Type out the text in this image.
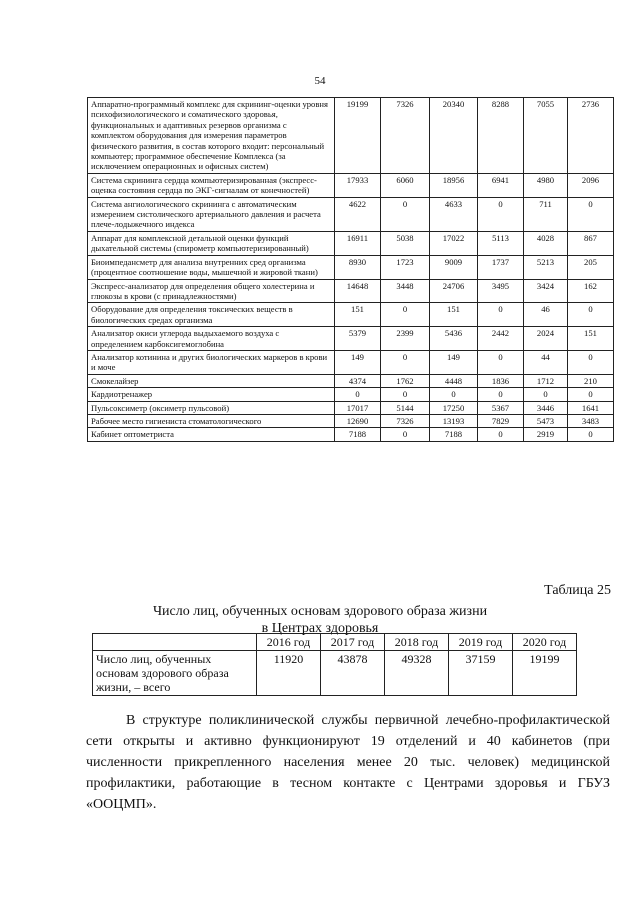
54
Аппаратно-программный комплекс для скрининг-оценки уровня психофизиологического и соматического здоровья, функциональных и адаптивных резервов организма с комплектом оборудования для измерения параметров физического развития, в состав которого входит: персональный компьютер; программное обеспечение Комплекса (за исключением операционных и офисных систем)	19199	7326	20340	8288	7055	2736
Система скрининга сердца компьютеризированная (экспресс-оценка состояния сердца по ЭКГ-сигналам от конечностей)	17933	6060	18956	6941	4980	2096
Система ангиологического скрининга с автоматическим измерением систолического артериального давления и расчета плече-лодыжечного индекса	4622	0	4633	0	711	0
Аппарат для комплексной детальной оценки функций дыхательной системы (спирометр компьютеризированный)	16911	5038	17022	5113	4028	867
Биоимпедансметр для анализа внутренних сред организма (процентное соотношение воды, мышечной и жировой ткани)	8930	1723	9009	1737	5213	205
Экспресс-анализатор для определения общего холестерина и глюкозы в крови (с принадлежностями)	14648	3448	24706	3495	3424	162
Оборудование для определения токсических веществ в биологических средах организма	151	0	151	0	46	0
Анализатор окиси углерода выдыхаемого воздуха с определением карбоксигемоглобина	5379	2399	5436	2442	2024	151
Анализатор котинина и других биологических маркеров в крови и моче	149	0	149	0	44	0
Смокелайзер	4374	1762	4448	1836	1712	210
Кардиотренажер	0	0	0	0	0	0
Пульсоксиметр (оксиметр пульсовой)	17017	5144	17250	5367	3446	1641
Рабочее место гигиениста стоматологического	12690	7326	13193	7829	5473	3483
Кабинет оптометриста	7188	0	7188	0	2919	0
Таблица 25
Число лиц, обученных основам здорового образа жизни
в Центрах здоровья
	2016 год	2017 год	2018 год	2019 год	2020 год
Число лиц, обученных основам здорового образа жизни, – всего	11920	43878	49328	37159	19199

В структуре поликлинической службы первичной лечебно-профилактической сети открыты и активно функционируют 19 отделений и 40 кабинетов (при численности прикрепленного населения менее 20 тыс. человек) медицинской профилактики, работающие в тесном контакте с Центрами здоровья и ГБУЗ «ООЦМП».
